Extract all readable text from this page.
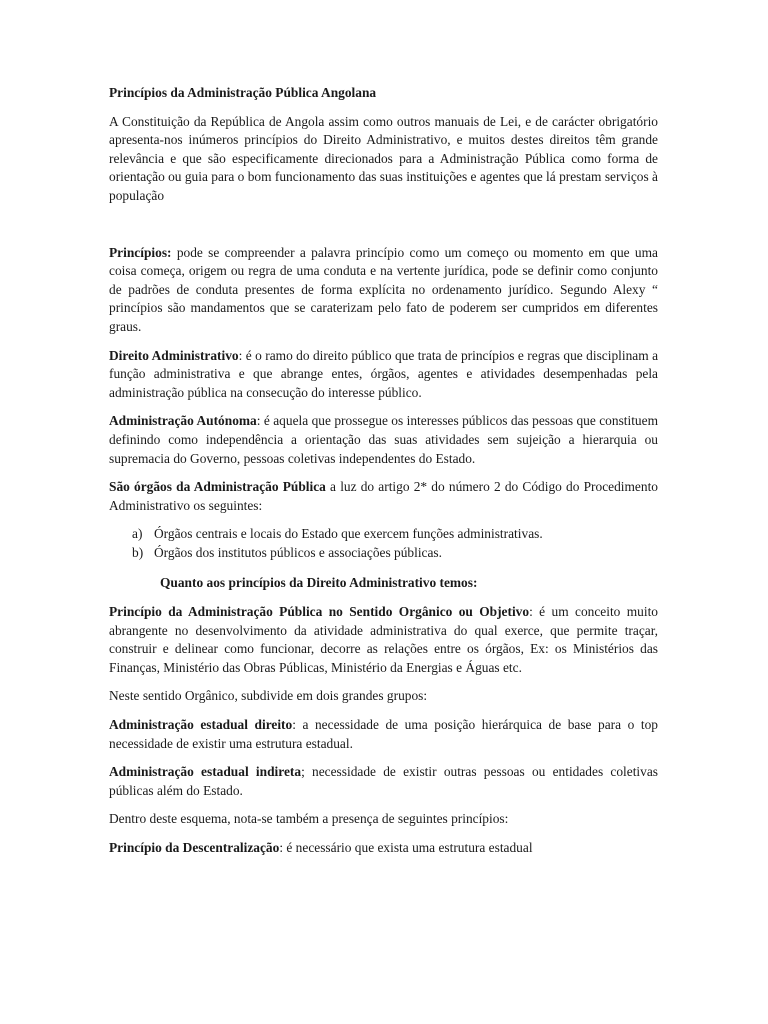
Princípios da Administração Pública Angolana

A Constituição da República de Angola assim como outros manuais de Lei, e de carácter obrigatório apresenta-nos inúmeros princípios do Direito Administrativo, e muitos destes direitos têm grande relevância e que são especificamente direcionados para a Administração Pública como forma de orientação ou guia para o bom funcionamento das suas instituições e agentes que lá prestam serviços à população

Princípios: pode se compreender a palavra princípio como um começo ou momento em que uma coisa começa, origem ou regra de uma conduta e na vertente jurídica, pode se definir como conjunto de padrões de conduta presentes de forma explícita no ordenamento jurídico. Segundo Alexy “ princípios são mandamentos que se caraterizam pelo fato de poderem ser cumpridos em diferentes graus.

Direito Administrativo: é o ramo do direito público que trata de princípios e regras que disciplinam a função administrativa e que abrange entes, órgãos, agentes e atividades desempenhadas pela administração pública na consecução do interesse público.

Administração Autónoma: é aquela que prossegue os interesses públicos das pessoas que constituem definindo como independência a orientação das suas atividades sem sujeição a hierarquia ou supremacia do Governo, pessoas coletivas independentes do Estado.

São órgãos da Administração Pública a luz do artigo 2* do número 2 do Código do Procedimento Administrativo os seguintes:

a) Órgãos centrais e locais do Estado que exercem funções administrativas.
b) Órgãos dos institutos públicos e associações públicas.
Quanto aos princípios da Direito Administrativo temos:

Princípio da Administração Pública no Sentido Orgânico ou Objetivo: é um conceito muito abrangente no desenvolvimento da atividade administrativa do qual exerce, que permite traçar, construir e delinear como funcionar, decorre as relações entre os órgãos, Ex: os Ministérios das Finanças, Ministério das Obras Públicas, Ministério da Energias e Águas etc.

Neste sentido Orgânico, subdivide em dois grandes grupos:

Administração estadual direito: a necessidade de uma posição hierárquica de base para o top necessidade de existir uma estrutura estadual.

Administração estadual indireta; necessidade de existir outras pessoas ou entidades coletivas públicas além do Estado.

Dentro deste esquema, nota-se também a presença de seguintes princípios:

Princípio da Descentralização: é necessário que exista uma estrutura estadual
